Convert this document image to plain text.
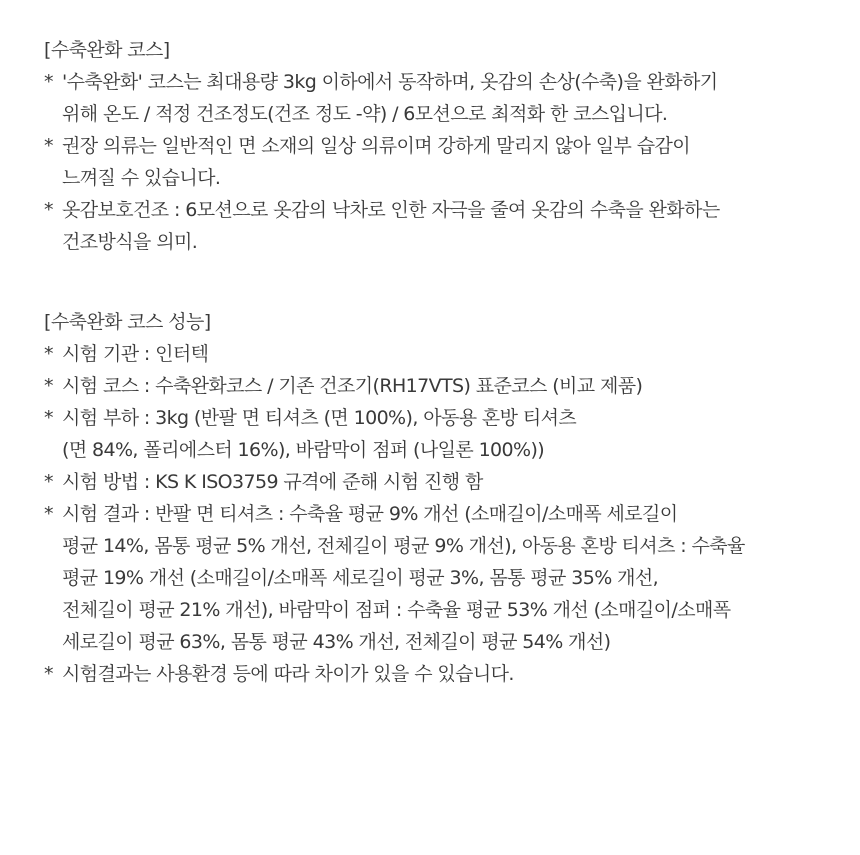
[수축완화 코스]
* '수축완화' 코스는 최대용량 3kg 이하에서 동작하며, 옷감의 손상(수축)을 완화하기
위해 온도 / 적정 건조정도(건조 정도 -약) / 6모션으로 최적화 한 코스입니다.
* 권장 의류는 일반적인 면 소재의 일상 의류이며 강하게 말리지 않아 일부 습감이
느껴질 수 있습니다.
* 옷감보호건조 : 6모션으로 옷감의 낙차로 인한 자극을 줄여 옷감의 수축을 완화하는
건조방식을 의미.
[수축완화 코스 성능]
* 시험 기관 : 인터텍
* 시험 코스 : 수축완화코스 / 기존 건조기(RH17VTS) 표준코스 (비교 제품)
* 시험 부하 : 3kg (반팔 면 티셔츠 (면 100%), 아동용 혼방 티셔츠
(면 84%, 폴리에스터 16%), 바람막이 점퍼 (나일론 100%))
* 시험 방법 : KS K ISO3759 규격에 준해 시험 진행 함
* 시험 결과 : 반팔 면 티셔츠 : 수축율 평균 9% 개선 (소매길이/소매폭 세로길이
평균 14%, 몸통 평균 5% 개선, 전체길이 평균 9% 개선), 아동용 혼방 티셔츠 : 수축율
평균 19% 개선 (소매길이/소매폭 세로길이 평균 3%, 몸통 평균 35% 개선,
전체길이 평균 21% 개선), 바람막이 점퍼 : 수축율 평균 53% 개선 (소매길이/소매폭
세로길이 평균 63%, 몸통 평균 43% 개선, 전체길이 평균 54% 개선)
* 시험결과는 사용환경 등에 따라 차이가 있을 수 있습니다.
